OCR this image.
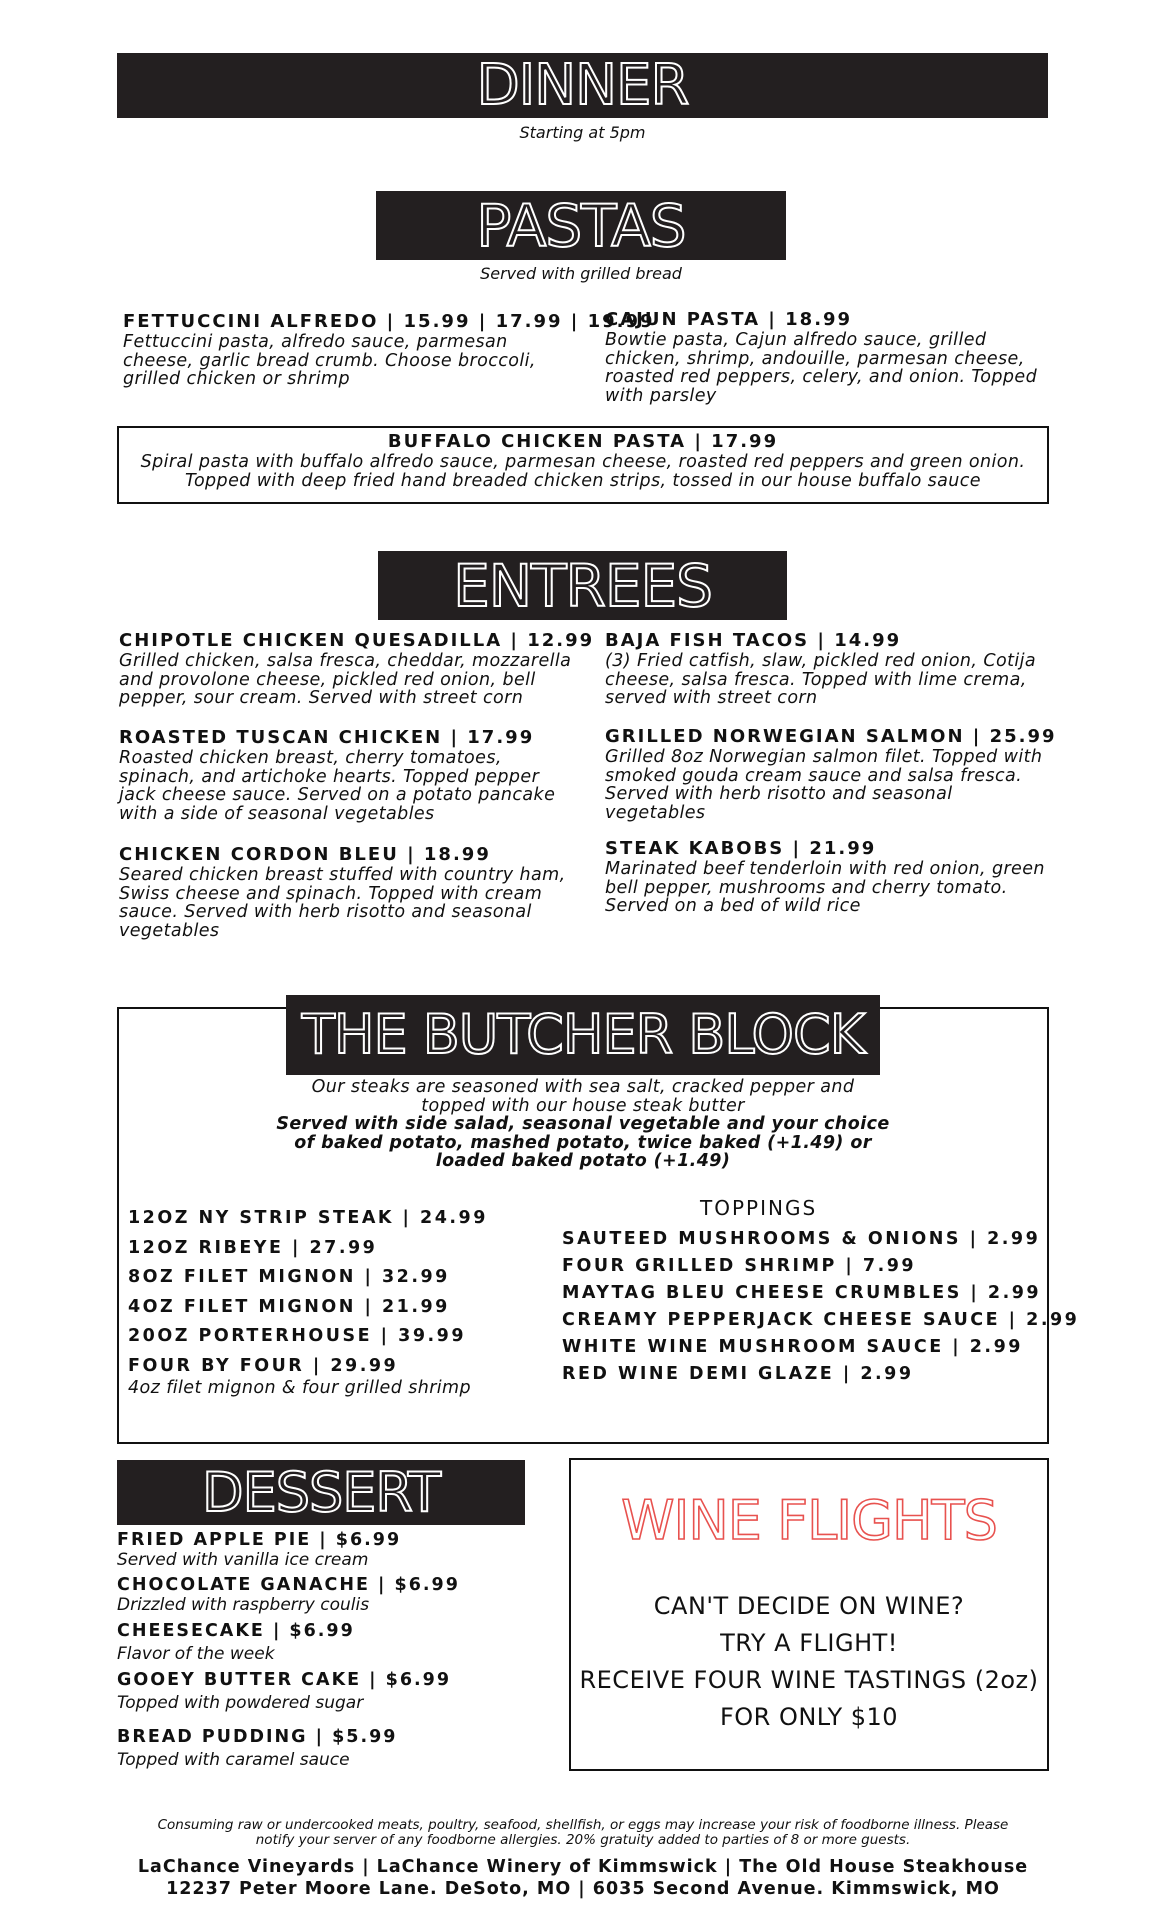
DINNER
Starting at 5pm
PASTAS
Served with grilled bread
FETTUCCINI ALFREDO | 15.99 | 17.99 | 19.99
Fettuccini pasta, alfredo sauce, parmesan cheese, garlic bread crumb. Choose broccoli, grilled chicken or shrimp
CAJUN PASTA | 18.99
Bowtie pasta, Cajun alfredo sauce, grilled chicken, shrimp, andouille, parmesan cheese, roasted red peppers, celery, and onion. Topped with parsley
BUFFALO CHICKEN PASTA | 17.99
Spiral pasta with buffalo alfredo sauce, parmesan cheese, roasted red peppers and green onion.
Topped with deep fried hand breaded chicken strips, tossed in our house buffalo sauce
ENTREES
CHIPOTLE CHICKEN QUESADILLA | 12.99
Grilled chicken, salsa fresca, cheddar, mozzarella and provolone cheese, pickled red onion, bell pepper, sour cream. Served with street corn
ROASTED TUSCAN CHICKEN | 17.99
Roasted chicken breast, cherry tomatoes, spinach, and artichoke hearts. Topped pepper jack cheese sauce. Served on a potato pancake with a side of seasonal vegetables
CHICKEN CORDON BLEU | 18.99
Seared chicken breast stuffed with country ham, Swiss cheese and spinach. Topped with cream sauce. Served with herb risotto and seasonal vegetables
BAJA FISH TACOS | 14.99
(3) Fried catfish, slaw, pickled red onion, Cotija cheese, salsa fresca. Topped with lime crema, served with street corn
GRILLED NORWEGIAN SALMON | 25.99
Grilled 8oz Norwegian salmon filet. Topped with smoked gouda cream sauce and salsa fresca. Served with herb risotto and seasonal vegetables
STEAK KABOBS | 21.99
Marinated beef tenderloin with red onion, green bell pepper, mushrooms and cherry tomato. Served on a bed of wild rice
THE BUTCHER BLOCK
Our steaks are seasoned with sea salt, cracked pepper and
topped with our house steak butter
Served with side salad, seasonal vegetable and your choice
of baked potato, mashed potato, twice baked (+1.49) or
loaded baked potato (+1.49)
12OZ NY STRIP STEAK | 24.99
12OZ RIBEYE | 27.99
8OZ FILET MIGNON | 32.99
4OZ FILET MIGNON | 21.99
20OZ PORTERHOUSE | 39.99
FOUR BY FOUR | 29.99
4oz filet mignon & four grilled shrimp
TOPPINGS
SAUTEED MUSHROOMS & ONIONS | 2.99
FOUR GRILLED SHRIMP | 7.99
MAYTAG BLEU CHEESE CRUMBLES | 2.99
CREAMY PEPPERJACK CHEESE SAUCE | 2.99
WHITE WINE MUSHROOM SAUCE | 2.99
RED WINE DEMI GLAZE | 2.99
DESSERT
FRIED APPLE PIE | $6.99
Served with vanilla ice cream
CHOCOLATE GANACHE | $6.99
Drizzled with raspberry coulis
CHEESECAKE | $6.99
Flavor of the week
GOOEY BUTTER CAKE | $6.99
Topped with powdered sugar
BREAD PUDDING | $5.99
Topped with caramel sauce
WINE FLIGHTS
CAN'T DECIDE ON WINE?
TRY A FLIGHT!
RECEIVE FOUR WINE TASTINGS (2oz)
FOR ONLY $10
Consuming raw or undercooked meats, poultry, seafood, shellfish, or eggs may increase your risk of foodborne illness. Please
notify your server of any foodborne allergies. 20% gratuity added to parties of 8 or more guests.
LaChance Vineyards | LaChance Winery of Kimmswick | The Old House Steakhouse
12237 Peter Moore Lane. DeSoto, MO | 6035 Second Avenue. Kimmswick, MO
